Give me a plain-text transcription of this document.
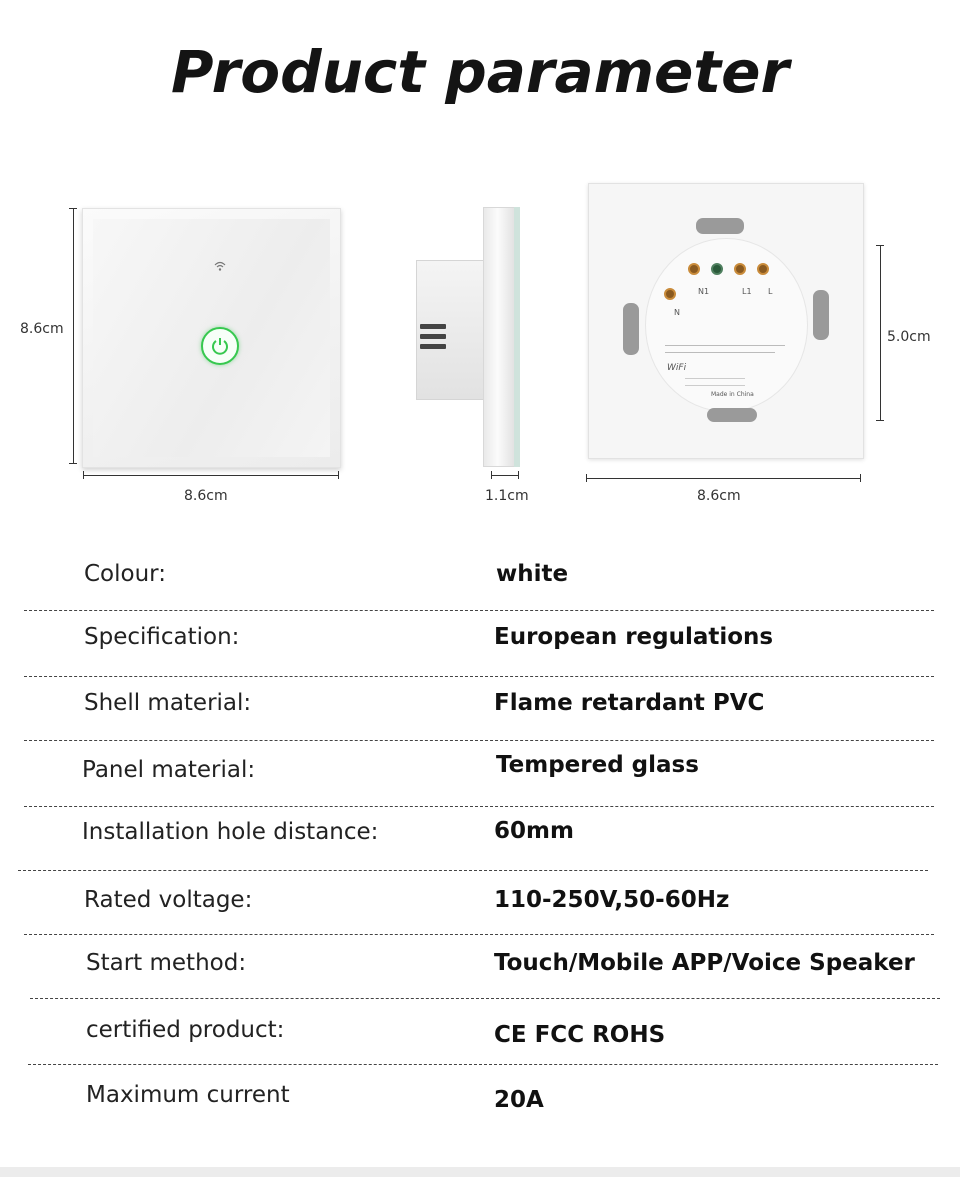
Product parameter
8.6cm
8.6cm	1.1cm
N1	L1 L
N
WiFi
Made in China
5.0cm
8.6cm
Colour:	white
Specification:	European regulations
Shell material:	Flame retardant PVC
Panel material:	Tempered glass
Installation hole distance:	60mm
Rated voltage:	110-250V,50-60Hz
Start method:	Touch/Mobile APP/Voice Speaker
certified product:	CE FCC ROHS
Maximum current	20A
